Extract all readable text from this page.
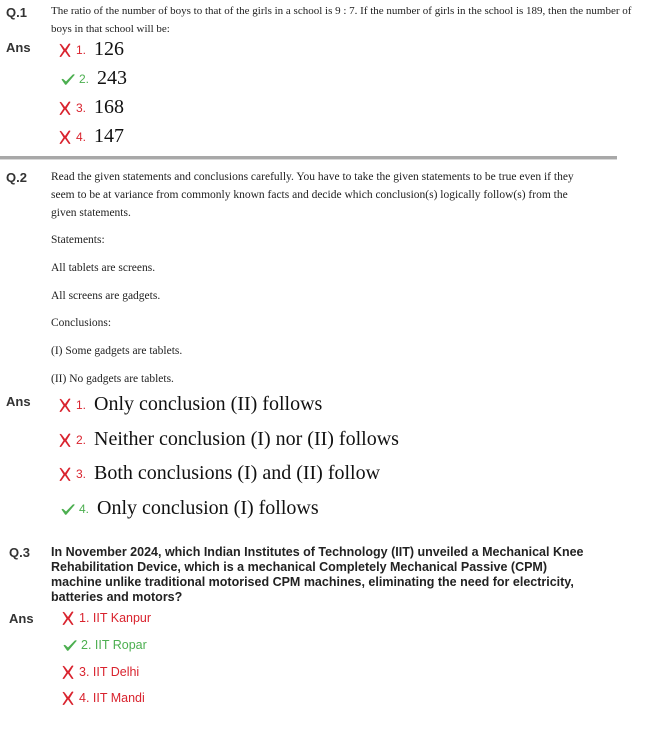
Q.1 The ratio of the number of boys to that of the girls in a school is 9 : 7. If the number of girls in the school is 189, then the number of
boys in that school will be:
Ans	1. 126
2. 243
3. 168
4. 147
Q.2 Read the given statements and conclusions carefully. You have to take the given statements to be true even if they
seem to be at variance from commonly known facts and decide which conclusion(s) logically follow(s) from the
given statements.
Statements:
All tablets are screens.
All screens are gadgets.
Conclusions:
(I) Some gadgets are tablets.
(II) No gadgets are tablets.
Ans	1. Only conclusion (II) follows
2. Neither conclusion (I) nor (II) follows
3. Both conclusions (I) and (II) follow
4. Only conclusion (I) follows
Q.3 In November 2024, which Indian Institutes of Technology (IIT) unveiled a Mechanical Knee Rehabilitation Device, which is a mechanical Completely Mechanical Passive (CPM) machine unlike traditional motorised CPM machines, eliminating the need for electricity, batteries and motors?
Ans	1. IIT Kanpur
2. IIT Ropar
3. IIT Delhi
4. IIT Mandi
